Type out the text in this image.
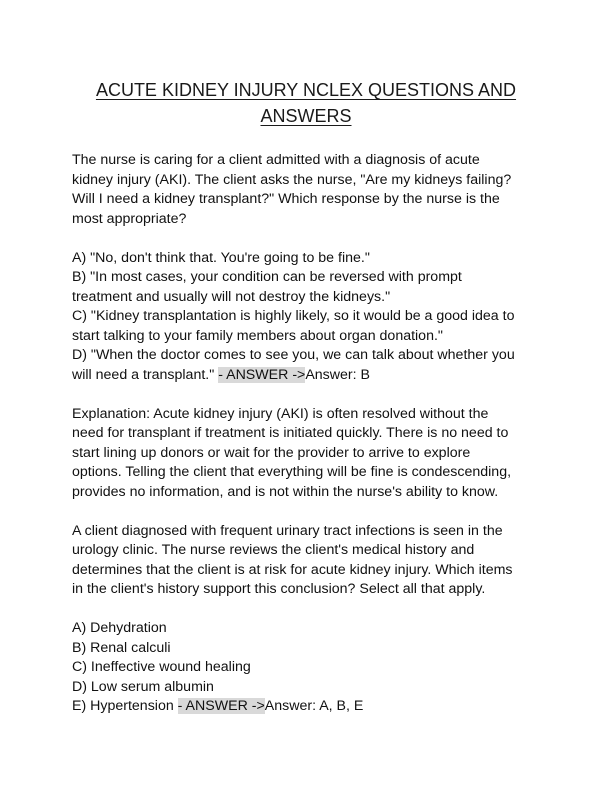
ACUTE KIDNEY INJURY NCLEX QUESTIONS AND
ANSWERS
The nurse is caring for a client admitted with a diagnosis of acute
kidney injury (AKI). The client asks the nurse, "Are my kidneys failing?
Will I need a kidney transplant?" Which response by the nurse is the
most appropriate?
A) "No, don't think that. You're going to be fine."
B) "In most cases, your condition can be reversed with prompt
treatment and usually will not destroy the kidneys."
C) "Kidney transplantation is highly likely, so it would be a good idea to
start talking to your family members about organ donation."
D) "When the doctor comes to see you, we can talk about whether you
will need a transplant." - ANSWER ->Answer: B
Explanation: Acute kidney injury (AKI) is often resolved without the
need for transplant if treatment is initiated quickly. There is no need to
start lining up donors or wait for the provider to arrive to explore
options. Telling the client that everything will be fine is condescending,
provides no information, and is not within the nurse's ability to know.
A client diagnosed with frequent urinary tract infections is seen in the
urology clinic. The nurse reviews the client's medical history and
determines that the client is at risk for acute kidney injury. Which items
in the client's history support this conclusion? Select all that apply.
A) Dehydration
B) Renal calculi
C) Ineffective wound healing
D) Low serum albumin
E) Hypertension - ANSWER ->Answer: A, B, E
